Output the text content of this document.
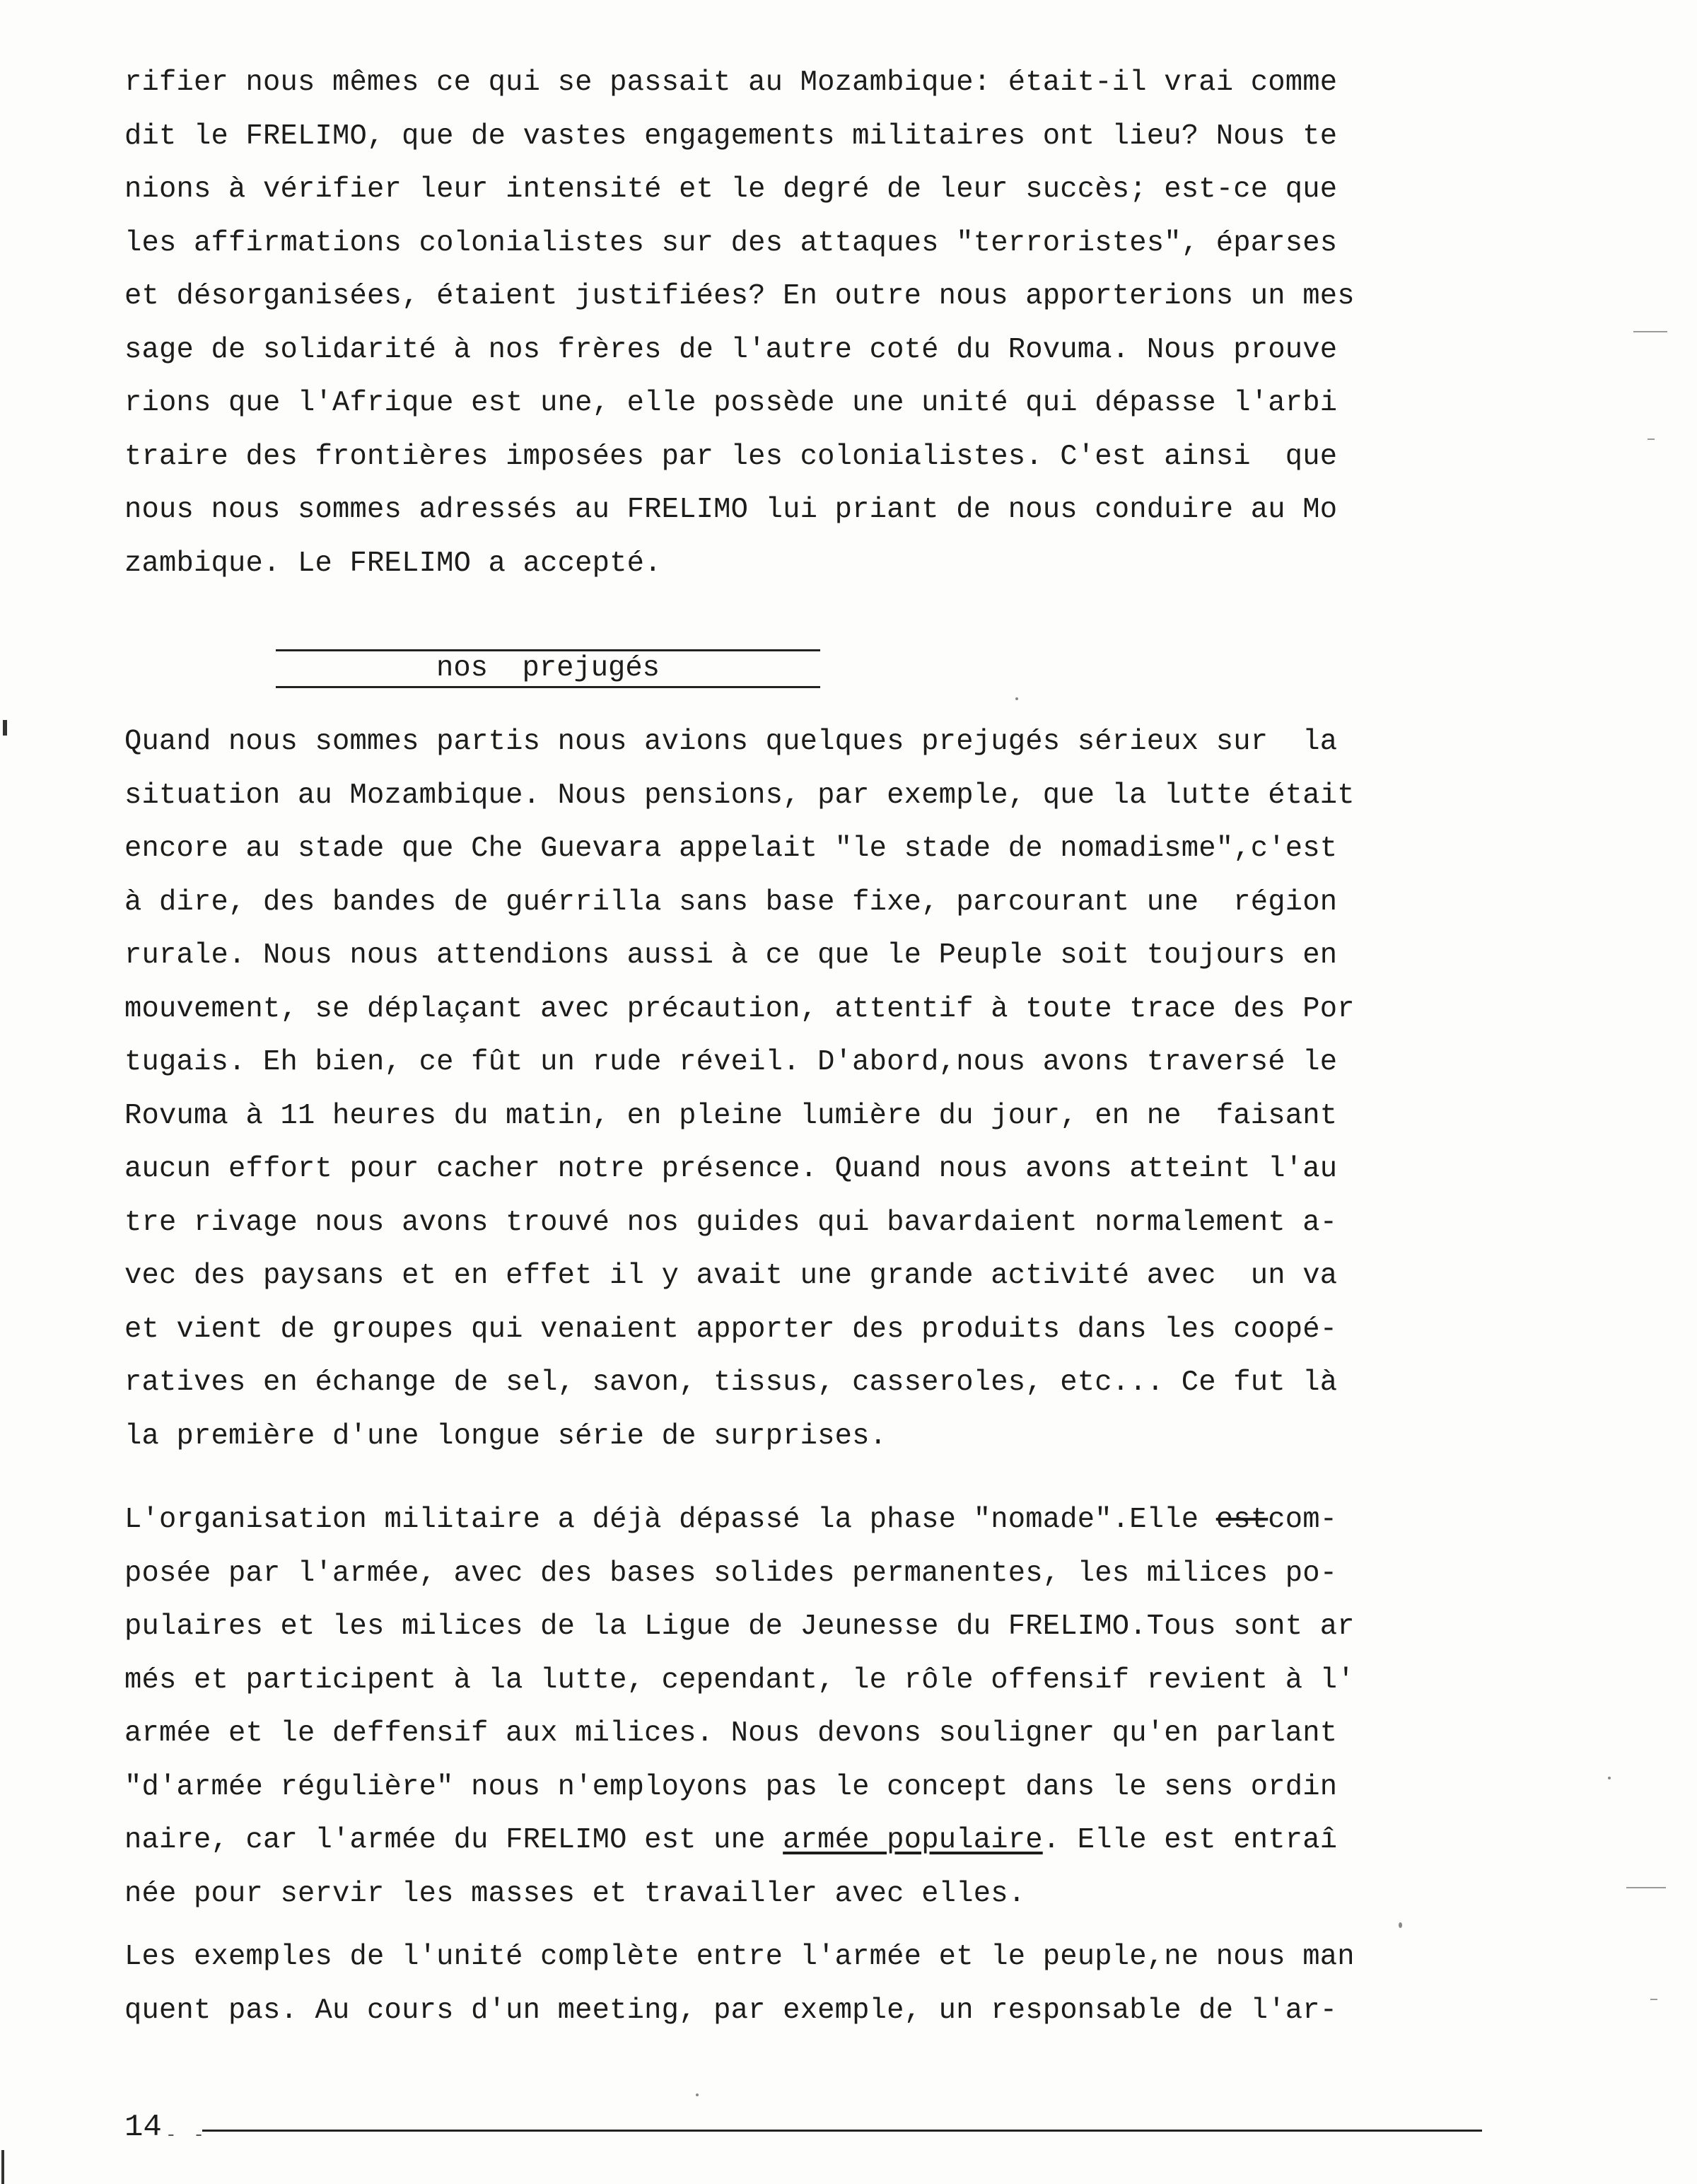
rifier nous mêmes ce qui se passait au Mozambique: était-il vrai comme
dit le FRELIMO, que de vastes engagements militaires ont lieu? Nous te
nions à vérifier leur intensité et le degré de leur succès; est-ce que
les affirmations colonialistes sur des attaques "terroristes", éparses
et désorganisées, étaient justifiées? En outre nous apporterions un mes
sage de solidarité à nos frères de l'autre coté du Rovuma. Nous prouve
rions que l'Afrique est une, elle possède une unité qui dépasse l'arbi
traire des frontières imposées par les colonialistes. C'est ainsi  que
nous nous sommes adressés au FRELIMO lui priant de nous conduire au Mo
zambique. Le FRELIMO a accepté.
nos  prejugés
Quand nous sommes partis nous avions quelques prejugés sérieux sur  la
situation au Mozambique. Nous pensions, par exemple, que la lutte était
encore au stade que Che Guevara appelait "le stade de nomadisme",c'est
à dire, des bandes de guérrilla sans base fixe, parcourant une  région
rurale. Nous nous attendions aussi à ce que le Peuple soit toujours en
mouvement, se déplaçant avec précaution, attentif à toute trace des Por
tugais. Eh bien, ce fût un rude réveil. D'abord,nous avons traversé le
Rovuma à 11 heures du matin, en pleine lumière du jour, en ne  faisant
aucun effort pour cacher notre présence. Quand nous avons atteint l'au
tre rivage nous avons trouvé nos guides qui bavardaient normalement a-
vec des paysans et en effet il y avait une grande activité avec  un va
et vient de groupes qui venaient apporter des produits dans les coopé-
ratives en échange de sel, savon, tissus, casseroles, etc... Ce fut là
la première d'une longue série de surprises.
L'organisation militaire a déjà dépassé la phase "nomade".Elle estcom-
posée par l'armée, avec des bases solides permanentes, les milices po-
pulaires et les milices de la Ligue de Jeunesse du FRELIMO.Tous sont ar
més et participent à la lutte, cependant, le rôle offensif revient à l'
armée et le deffensif aux milices. Nous devons souligner qu'en parlant
"d'armée régulière" nous n'employons pas le concept dans le sens ordin
naire, car l'armée du FRELIMO est une armée populaire. Elle est entraî
née pour servir les masses et travailler avec elles.
Les exemples de l'unité complète entre l'armée et le peuple,ne nous man
quent pas. Au cours d'un meeting, par exemple, un responsable de l'ar-
14 - -
